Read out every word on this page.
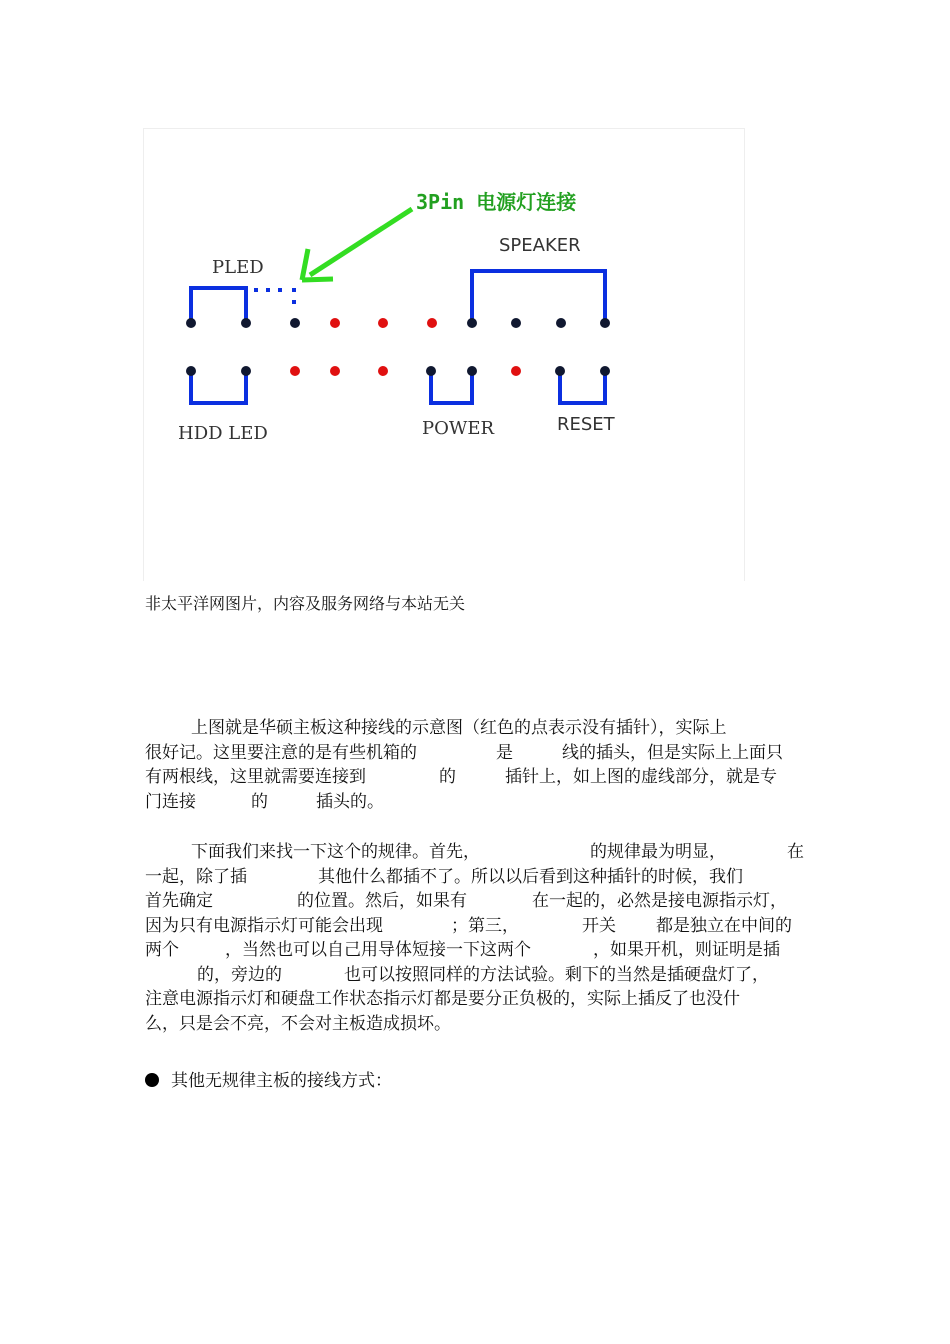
3Pin 电源灯连接
PLED
SPEAKER
HDD LED	POWER	RESET
非太平洋网图片，内容及服务网络与本站无关
上图就是华硕主板这种接线的示意图（红色的点表示没有插针），实际上
很好记。这里要注意的是有些机箱的	是	线的插头，但是实际上上面只
有两根线，这里就需要连接到	的	插针上，如上图的虚线部分，就是专
门连接	的	插头的。
下面我们来找一下这个的规律。首先，	的规律最为明显，	在
一起，除了插	其他什么都插不了。所以以后看到这种插针的时候，我们
首先确定	的位置。然后，如果有	在一起的，必然是接电源指示灯，
因为只有电源指示灯可能会出现	；第三，	开关 都是独立在中间的
两个	，当然也可以自己用导体短接一下这两个	，如果开机，则证明是插
的，旁边的	也可以按照同样的方法试验。剩下的当然是插硬盘灯了，
注意电源指示灯和硬盘工作状态指示灯都是要分正负极的，实际上插反了也没什
么，只是会不亮，不会对主板造成损坏。
其他无规律主板的接线方式：
